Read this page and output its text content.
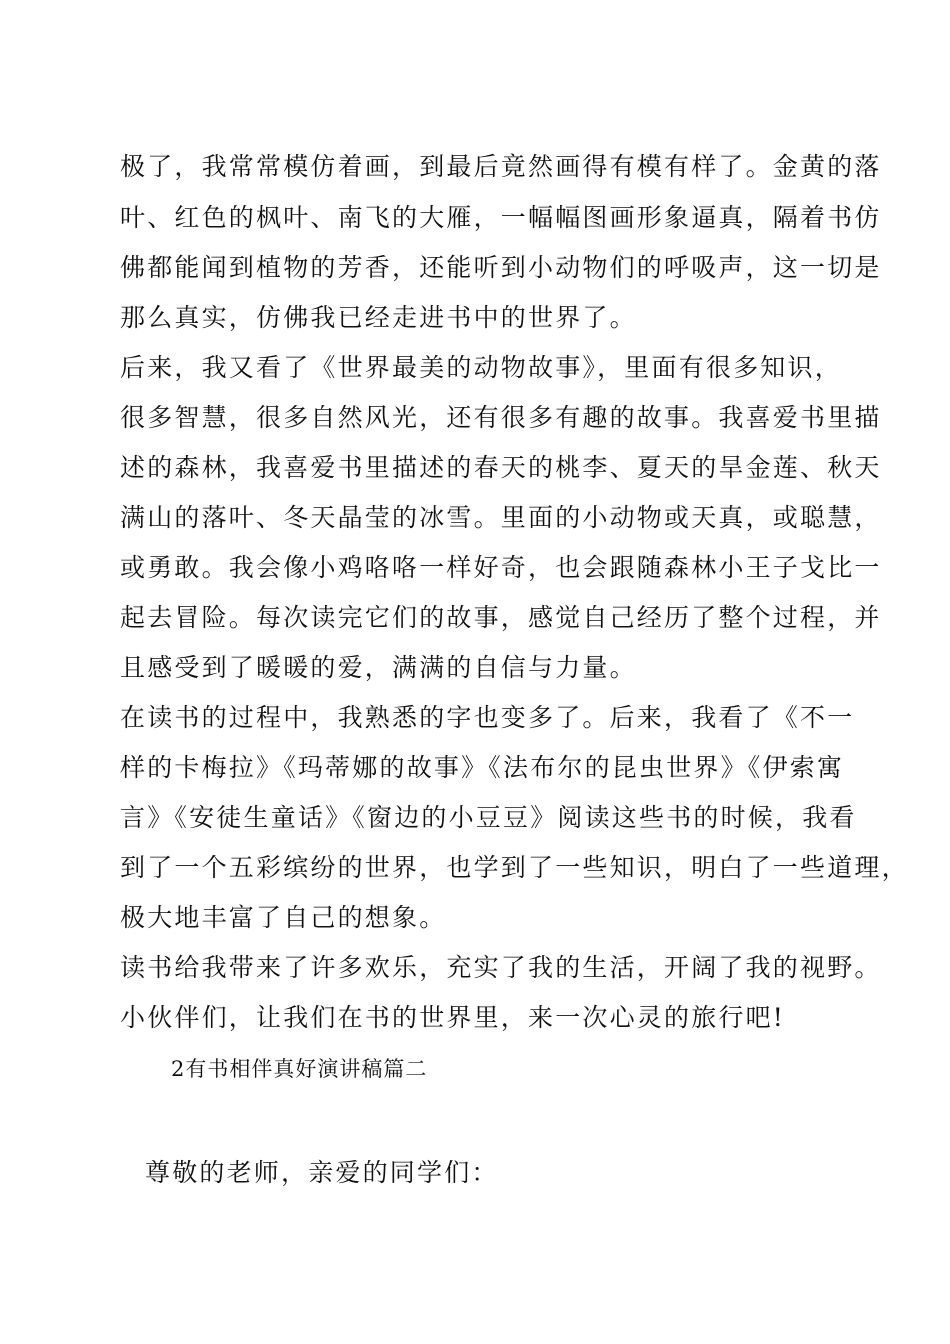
极了，我常常模仿着画，到最后竟然画得有模有样了。金黄的落
叶、红色的枫叶、南飞的大雁，一幅幅图画形象逼真，隔着书仿
佛都能闻到植物的芳香，还能听到小动物们的呼吸声，这一切是
那么真实，仿佛我已经走进书中的世界了。
后来，我又看了《世界最美的动物故事》，里面有很多知识，
很多智慧，很多自然风光，还有很多有趣的故事。我喜爱书里描
述的森林，我喜爱书里描述的春天的桃李、夏天的旱金莲、秋天
满山的落叶、冬天晶莹的冰雪。里面的小动物或天真，或聪慧，
或勇敢。我会像小鸡咯咯一样好奇，也会跟随森林小王子戈比一
起去冒险。每次读完它们的故事，感觉自己经历了整个过程，并
且感受到了暖暖的爱，满满的自信与力量。
在读书的过程中，我熟悉的字也变多了。后来，我看了《不一
样的卡梅拉》《玛蒂娜的故事》《法布尔的昆虫世界》《伊索寓
言》《安徒生童话》《窗边的小豆豆》阅读这些书的时候，我看
到了一个五彩缤纷的世界，也学到了一些知识，明白了一些道理，
极大地丰富了自己的想象。
读书给我带来了许多欢乐，充实了我的生活，开阔了我的视野。
小伙伴们，让我们在书的世界里，来一次心灵的旅行吧!
2有书相伴真好演讲稿篇二
尊敬的老师，亲爱的同学们：
